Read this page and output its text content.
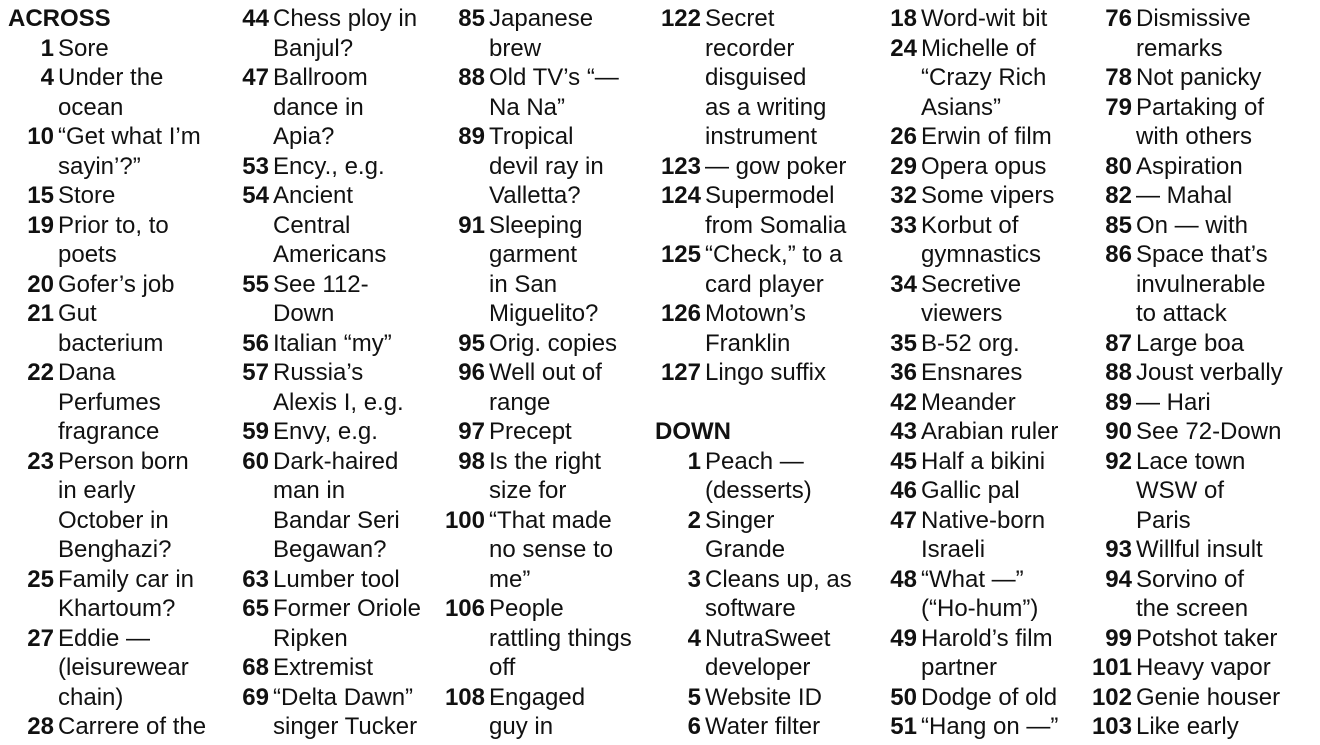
ACROSS
1 Sore
4 Under the
ocean
10 “Get what I’m
sayin’?”
15 Store
19 Prior to, to
poets
20 Gofer’s job
21 Gut
bacterium
22 Dana
Perfumes
fragrance
23 Person born
in early
October in
Benghazi?
25 Family car in
Khartoum?
27 Eddie —
(leisurewear
chain)
28 Carrere of the
44 Chess ploy in
Banjul?
47 Ballroom
dance in
Apia?
53 Ency., e.g.
54 Ancient
Central
Americans
55 See 112-
Down
56 Italian “my”
57 Russia’s
Alexis I, e.g.
59 Envy, e.g.
60 Dark-haired
man in
Bandar Seri
Begawan?
63 Lumber tool
65 Former Oriole
Ripken
68 Extremist
69 “Delta Dawn”
singer Tucker
85 Japanese
brew
88 Old TV’s “—
Na Na”
89 Tropical
devil ray in
Valletta?
91 Sleeping
garment
in San
Miguelito?
95 Orig. copies
96 Well out of
range
97 Precept
98 Is the right
size for
100 “That made
no sense to
me”
106 People
rattling things
off
108 Engaged
guy in
122 Secret
recorder
disguised
as a writing
instrument
123 — gow poker
124 Supermodel
from Somalia
125 “Check,” to a
card player
126 Motown’s
Franklin
127 Lingo suffix
DOWN
1 Peach —
(desserts)
2 Singer
Grande
3 Cleans up, as
software
4 NutraSweet
developer
5 Website ID
6 Water filter
18 Word-wit bit
24 Michelle of
“Crazy Rich
Asians”
26 Erwin of film
29 Opera opus
32 Some vipers
33 Korbut of
gymnastics
34 Secretive
viewers
35 B-52 org.
36 Ensnares
42 Meander
43 Arabian ruler
45 Half a bikini
46 Gallic pal
47 Native-born
Israeli
48 “What —”
(“Ho-hum”)
49 Harold’s film
partner
50 Dodge of old
51 “Hang on —”
76 Dismissive
remarks
78 Not panicky
79 Partaking of
with others
80 Aspiration
82 — Mahal
85 On — with
86 Space that’s
invulnerable
to attack
87 Large boa
88 Joust verbally
89 — Hari
90 See 72-Down
92 Lace town
WSW of
Paris
93 Willful insult
94 Sorvino of
the screen
99 Potshot taker
101 Heavy vapor
102 Genie houser
103 Like early
